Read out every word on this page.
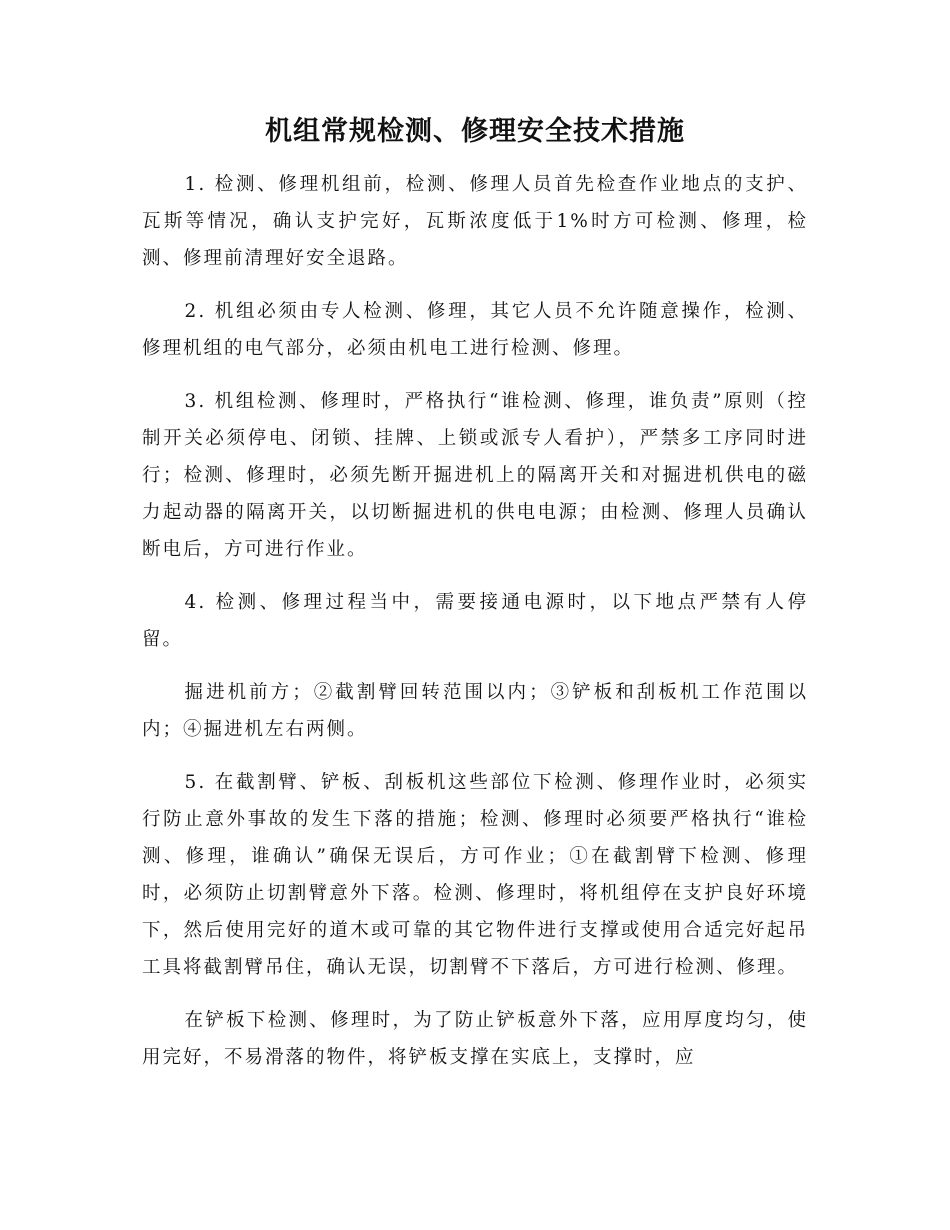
机组常规检测、修理安全技术措施

1. 检测、修理机组前，检测、修理人员首先检查作业地点的支护、瓦斯等情况，确认支护完好，瓦斯浓度低于1%时方可检测、修理，检测、修理前清理好安全退路。

2. 机组必须由专人检测、修理，其它人员不允许随意操作，检测、修理机组的电气部分，必须由机电工进行检测、修理。

3. 机组检测、修理时，严格执行“谁检测、修理，谁负责”原则（控制开关必须停电、闭锁、挂牌、上锁或派专人看护），严禁多工序同时进行；检测、修理时，必须先断开掘进机上的隔离开关和对掘进机供电的磁力起动器的隔离开关，以切断掘进机的供电电源；由检测、修理人员确认断电后，方可进行作业。

4. 检测、修理过程当中，需要接通电源时，以下地点严禁有人停留。

掘进机前方；②截割臂回转范围以内；③铲板和刮板机工作范围以内；④掘进机左右两侧。

5. 在截割臂、铲板、刮板机这些部位下检测、修理作业时，必须实行防止意外事故的发生下落的措施；检测、修理时必须要严格执行“谁检测、修理，谁确认”确保无误后，方可作业；①在截割臂下检测、修理时，必须防止切割臂意外下落。检测、修理时，将机组停在支护良好环境下，然后使用完好的道木或可靠的其它物件进行支撑或使用合适完好起吊工具将截割臂吊住，确认无误，切割臂不下落后，方可进行检测、修理。

在铲板下检测、修理时，为了防止铲板意外下落，应用厚度均匀，使用完好，不易滑落的物件，将铲板支撑在实底上，支撑时，应
